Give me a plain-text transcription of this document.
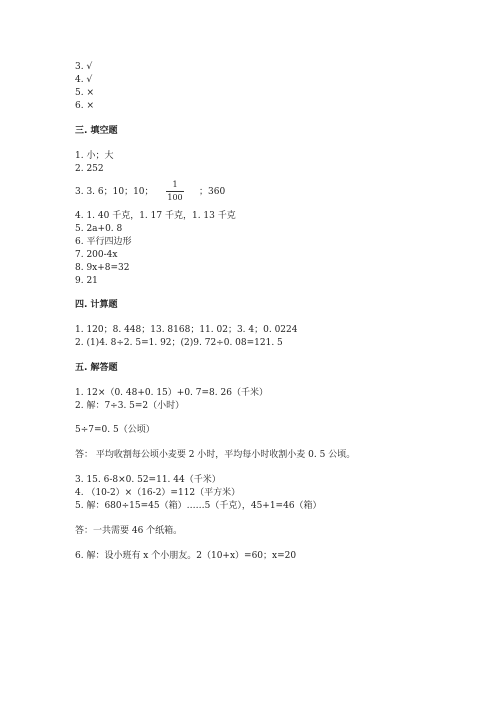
3. √
4. √
5. ×
6. ×
三. 填空题
1. 小；大
2. 252
3. 3. 6；10；10；
1
100
；360
4. 1. 40 千克，1. 17 千克，1. 13 千克
5. 2a+0. 8
6. 平行四边形
7. 200-4x
8. 9x+8=32
9. 21
四. 计算题
1. 120；8. 448；13. 8168；11. 02；3. 4；0. 0224
2. (1)4. 8÷2. 5=1. 92；(2)9. 72÷0. 08=121. 5
五. 解答题
1. 12×（0. 48+0. 15）+0. 7=8. 26（千米）
2. 解：7÷3. 5=2（小时）
5÷7=0. 5（公顷）
答： 平均收割每公顷小麦要 2 小时，平均每小时收割小麦 0. 5 公顷。
3. 15. 6-8×0. 52=11. 44（千米）
4. （10-2）×（16-2）=112（平方米）
5. 解：680÷15=45（箱）……5（千克），45+1=46（箱）
答：一共需要 46 个纸箱。
6. 解：设小班有 x 个小朋友。2（10+x）=60；x=20
